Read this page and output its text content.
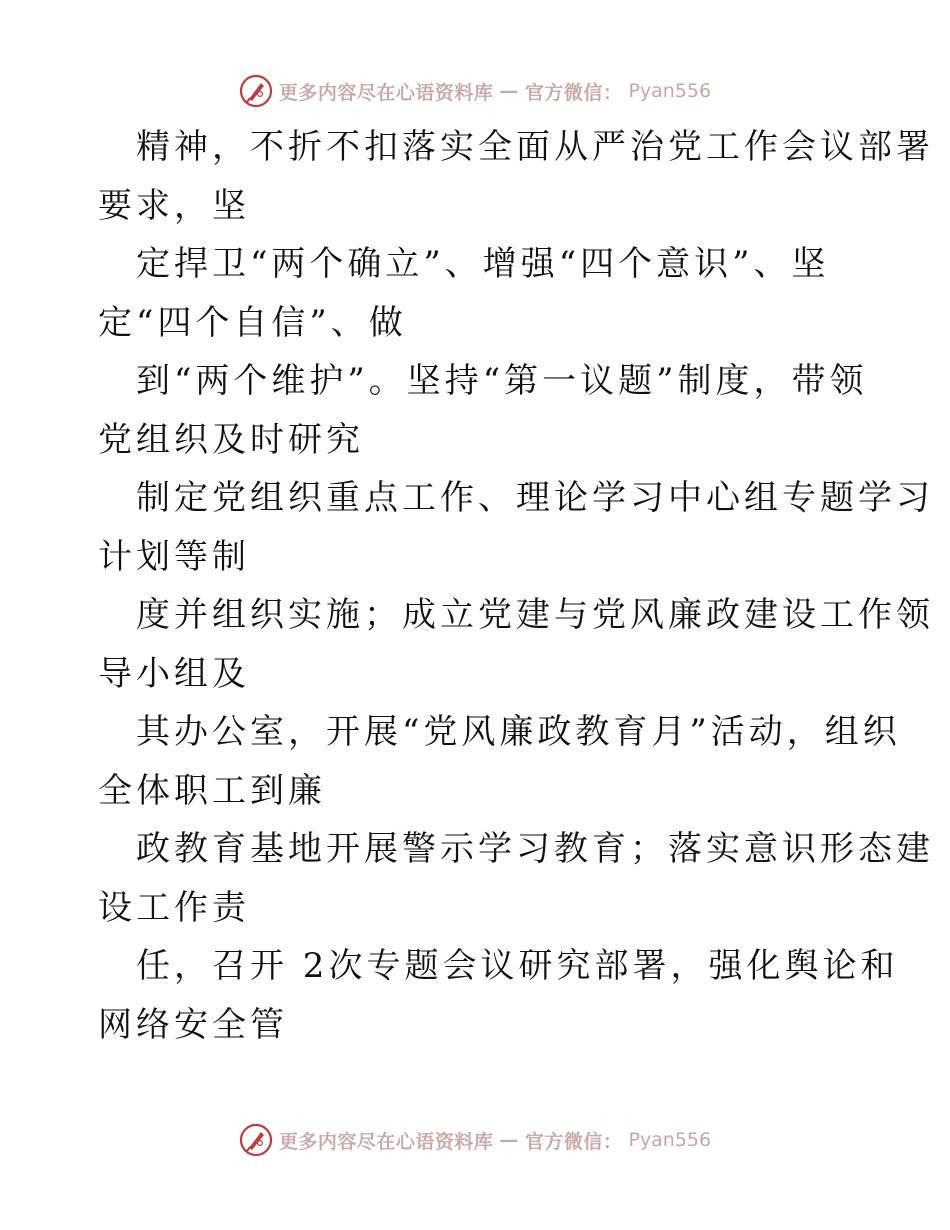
更多内容尽在心语资料库 — 官方微信： Pyan556
精神，不折不扣落实全面从严治党工作会议部署
要求，坚
定捍卫“两个确立”、增强“四个意识”、坚
定“四个自信”、做
到“两个维护”。坚持“第一议题”制度，带领
党组织及时研究
制定党组织重点工作、理论学习中心组专题学习
计划等制
度并组织实施；成立党建与党风廉政建设工作领
导小组及
其办公室，开展“党风廉政教育月”活动，组织
全体职工到廉
政教育基地开展警示学习教育；落实意识形态建
设工作责
任，召开 2次专题会议研究部署，强化舆论和
网络安全管
更多内容尽在心语资料库 — 官方微信： Pyan556
